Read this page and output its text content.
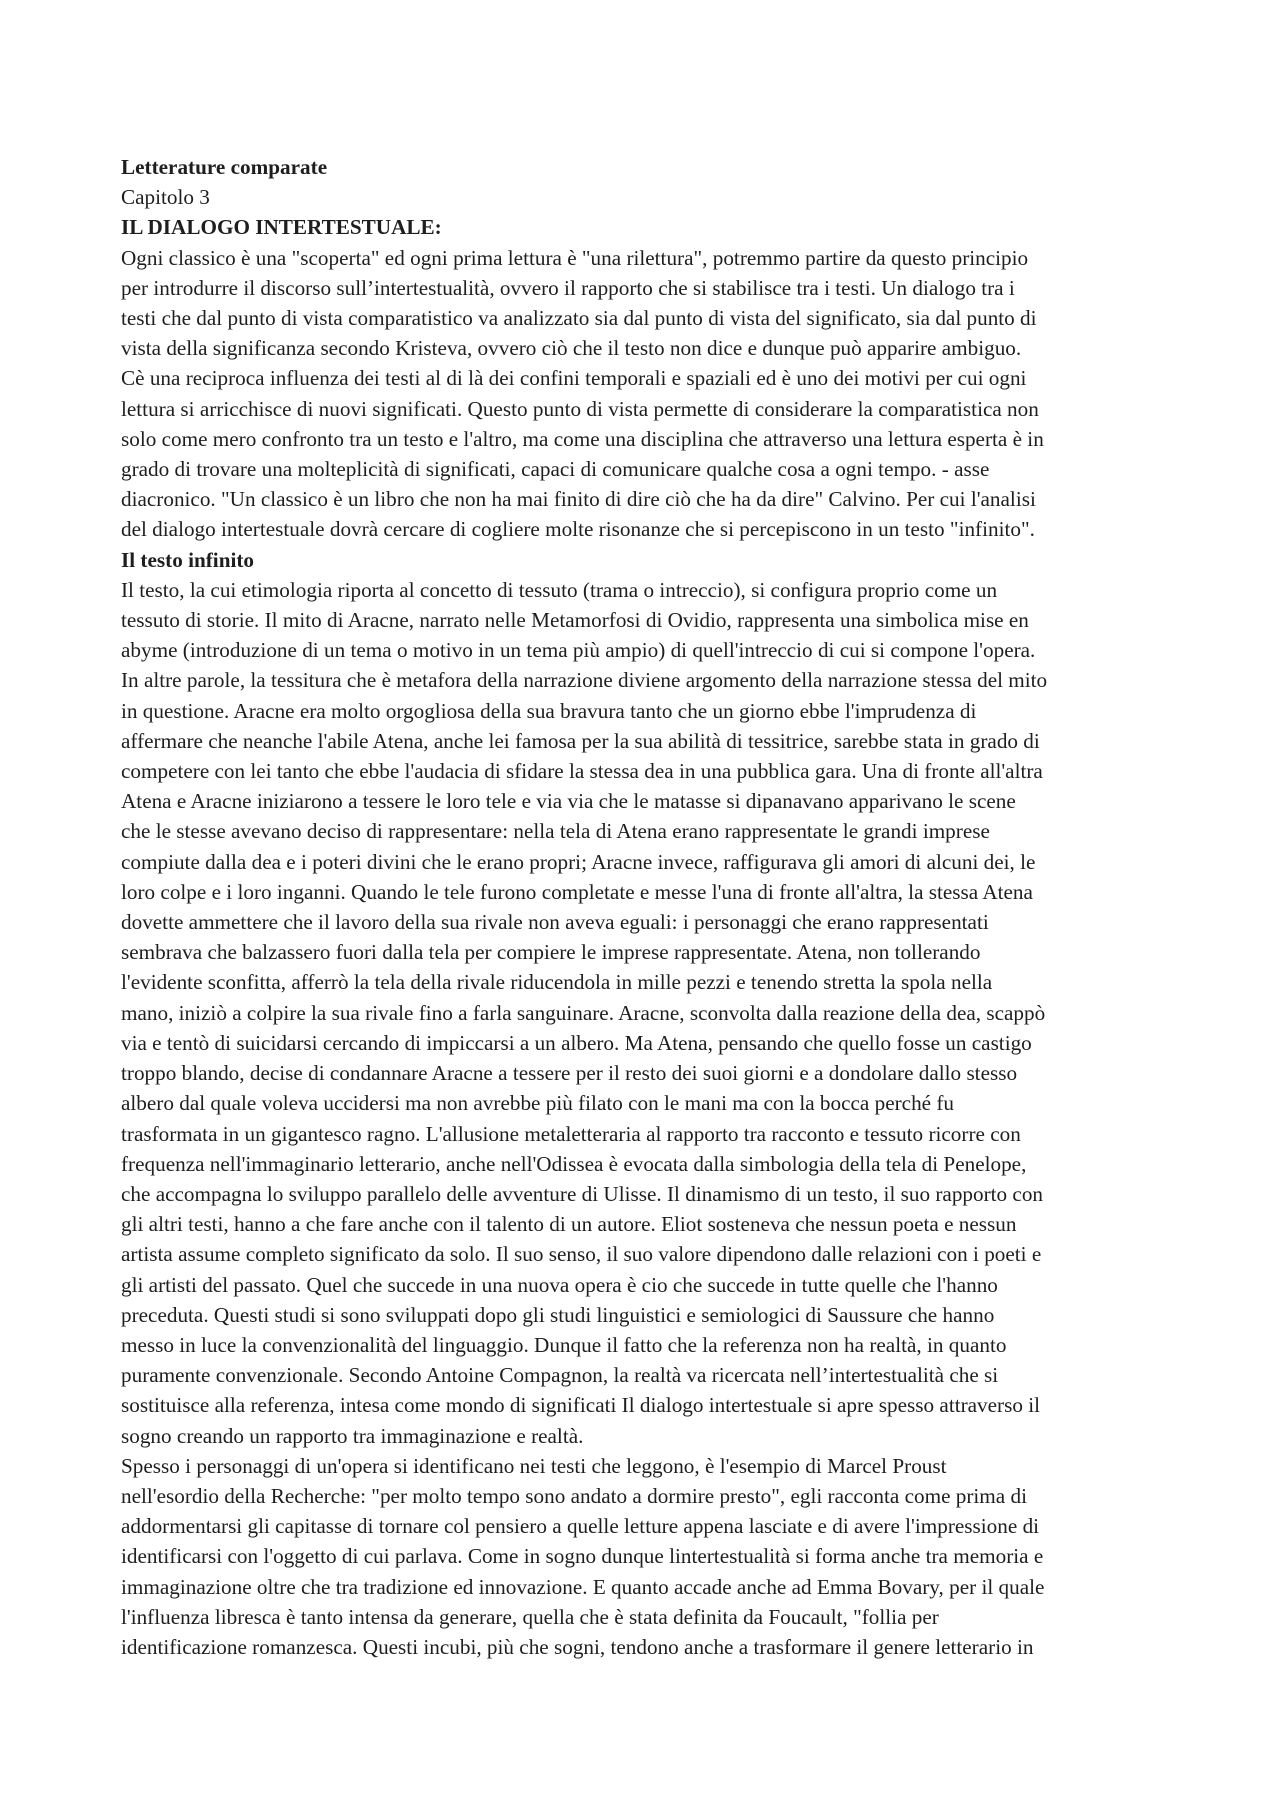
Letterature comparate
Capitolo 3
IL DIALOGO INTERTESTUALE:
Ogni classico è una "scoperta" ed ogni prima lettura è "una rilettura", potremmo partire da questo principio
per introdurre il discorso sull’intertestualità, ovvero il rapporto che si stabilisce tra i testi. Un dialogo tra i
testi che dal punto di vista comparatistico va analizzato sia dal punto di vista del significato, sia dal punto di
vista della significanza secondo Kristeva, ovvero ciò che il testo non dice e dunque può apparire ambiguo.
Cè una reciproca influenza dei testi al di là dei confini temporali e spaziali ed è uno dei motivi per cui ogni
lettura si arricchisce di nuovi significati. Questo punto di vista permette di considerare la comparatistica non
solo come mero confronto tra un testo e l'altro, ma come una disciplina che attraverso una lettura esperta è in
grado di trovare una molteplicità di significati, capaci di comunicare qualche cosa a ogni tempo. - asse
diacronico. "Un classico è un libro che non ha mai finito di dire ciò che ha da dire" Calvino. Per cui l'analisi
del dialogo intertestuale dovrà cercare di cogliere molte risonanze che si percepiscono in un testo "infinito".
Il testo infinito
Il testo, la cui etimologia riporta al concetto di tessuto (trama o intreccio), si configura proprio come un
tessuto di storie. Il mito di Aracne, narrato nelle Metamorfosi di Ovidio, rappresenta una simbolica mise en
abyme (introduzione di un tema o motivo in un tema più ampio) di quell'intreccio di cui si compone l'opera.
In altre parole, la tessitura che è metafora della narrazione diviene argomento della narrazione stessa del mito
in questione. Aracne era molto orgogliosa della sua bravura tanto che un giorno ebbe l'imprudenza di
affermare che neanche l'abile Atena, anche lei famosa per la sua abilità di tessitrice, sarebbe stata in grado di
competere con lei tanto che ebbe l'audacia di sfidare la stessa dea in una pubblica gara. Una di fronte all'altra
Atena e Aracne iniziarono a tessere le loro tele e via via che le matasse si dipanavano apparivano le scene
che le stesse avevano deciso di rappresentare: nella tela di Atena erano rappresentate le grandi imprese
compiute dalla dea e i poteri divini che le erano propri; Aracne invece, raffigurava gli amori di alcuni dei, le
loro colpe e i loro inganni. Quando le tele furono completate e messe l'una di fronte all'altra, la stessa Atena
dovette ammettere che il lavoro della sua rivale non aveva eguali: i personaggi che erano rappresentati
sembrava che balzassero fuori dalla tela per compiere le imprese rappresentate. Atena, non tollerando
l'evidente sconfitta, afferrò la tela della rivale riducendola in mille pezzi e tenendo stretta la spola nella
mano, iniziò a colpire la sua rivale fino a farla sanguinare. Aracne, sconvolta dalla reazione della dea, scappò
via e tentò di suicidarsi cercando di impiccarsi a un albero. Ma Atena, pensando che quello fosse un castigo
troppo blando, decise di condannare Aracne a tessere per il resto dei suoi giorni e a dondolare dallo stesso
albero dal quale voleva uccidersi ma non avrebbe più filato con le mani ma con la bocca perché fu
trasformata in un gigantesco ragno. L'allusione metaletteraria al rapporto tra racconto e tessuto ricorre con
frequenza nell'immaginario letterario, anche nell'Odissea è evocata dalla simbologia della tela di Penelope,
che accompagna lo sviluppo parallelo delle avventure di Ulisse. Il dinamismo di un testo, il suo rapporto con
gli altri testi, hanno a che fare anche con il talento di un autore. Eliot sosteneva che nessun poeta e nessun
artista assume completo significato da solo. Il suo senso, il suo valore dipendono dalle relazioni con i poeti e
gli artisti del passato. Quel che succede in una nuova opera è cio che succede in tutte quelle che l'hanno
preceduta. Questi studi si sono sviluppati dopo gli studi linguistici e semiologici di Saussure che hanno
messo in luce la convenzionalità del linguaggio. Dunque il fatto che la referenza non ha realtà, in quanto
puramente convenzionale. Secondo Antoine Compagnon, la realtà va ricercata nell’intertestualità che si
sostituisce alla referenza, intesa come mondo di significati Il dialogo intertestuale si apre spesso attraverso il
sogno creando un rapporto tra immaginazione e realtà.
Spesso i personaggi di un'opera si identificano nei testi che leggono, è l'esempio di Marcel Proust
nell'esordio della Recherche: "per molto tempo sono andato a dormire presto", egli racconta come prima di
addormentarsi gli capitasse di tornare col pensiero a quelle letture appena lasciate e di avere l'impressione di
identificarsi con l'oggetto di cui parlava. Come in sogno dunque lintertestualità si forma anche tra memoria e
immaginazione oltre che tra tradizione ed innovazione. E quanto accade anche ad Emma Bovary, per il quale
l'influenza libresca è tanto intensa da generare, quella che è stata definita da Foucault, "follia per
identificazione romanzesca. Questi incubi, più che sogni, tendono anche a trasformare il genere letterario in
